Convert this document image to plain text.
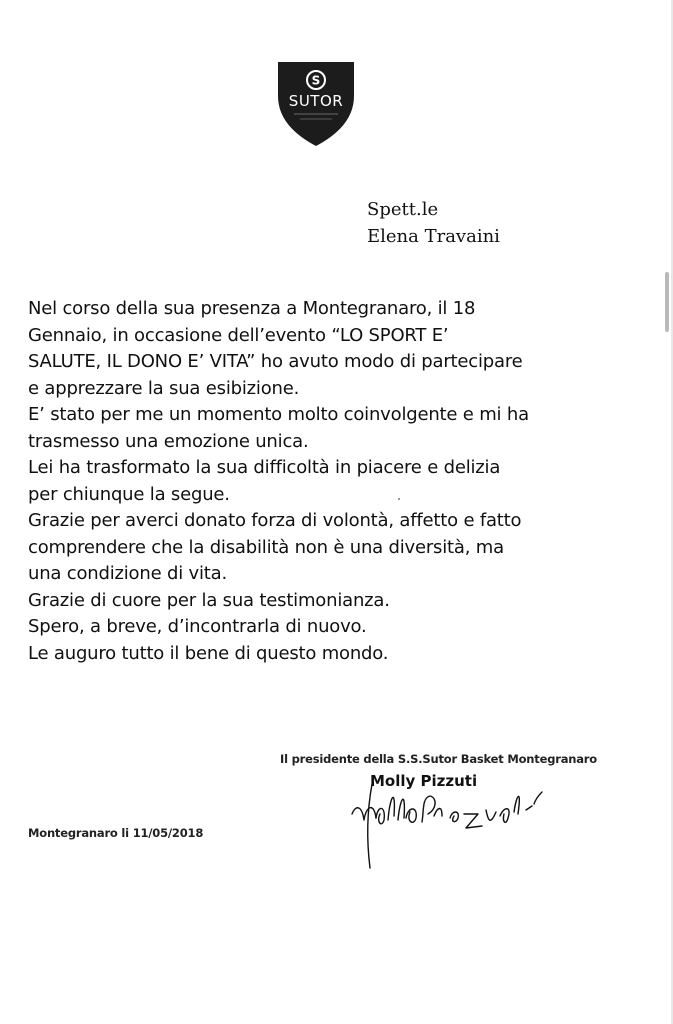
S
SUTOR
Spett.le
Elena Travaini
Nel corso della sua presenza a Montegranaro, il 18
Gennaio, in occasione dell’evento “LO SPORT E’
SALUTE, IL DONO E’ VITA” ho avuto modo di partecipare
e apprezzare la sua esibizione.
E’ stato per me un momento molto coinvolgente e mi ha
trasmesso una emozione unica.
Lei ha trasformato la sua difficoltà in piacere e delizia
per chiunque la segue.
Grazie per averci donato forza di volontà, affetto e fatto
comprendere che la disabilità non è una diversità, ma
una condizione di vita.
Grazie di cuore per la sua testimonianza.
Spero, a breve, d’incontrarla di nuovo.
Le auguro tutto il bene di questo mondo.
Il presidente della S.S.Sutor Basket Montegranaro
Molly Pizzuti
Montegranaro li 11/05/2018
